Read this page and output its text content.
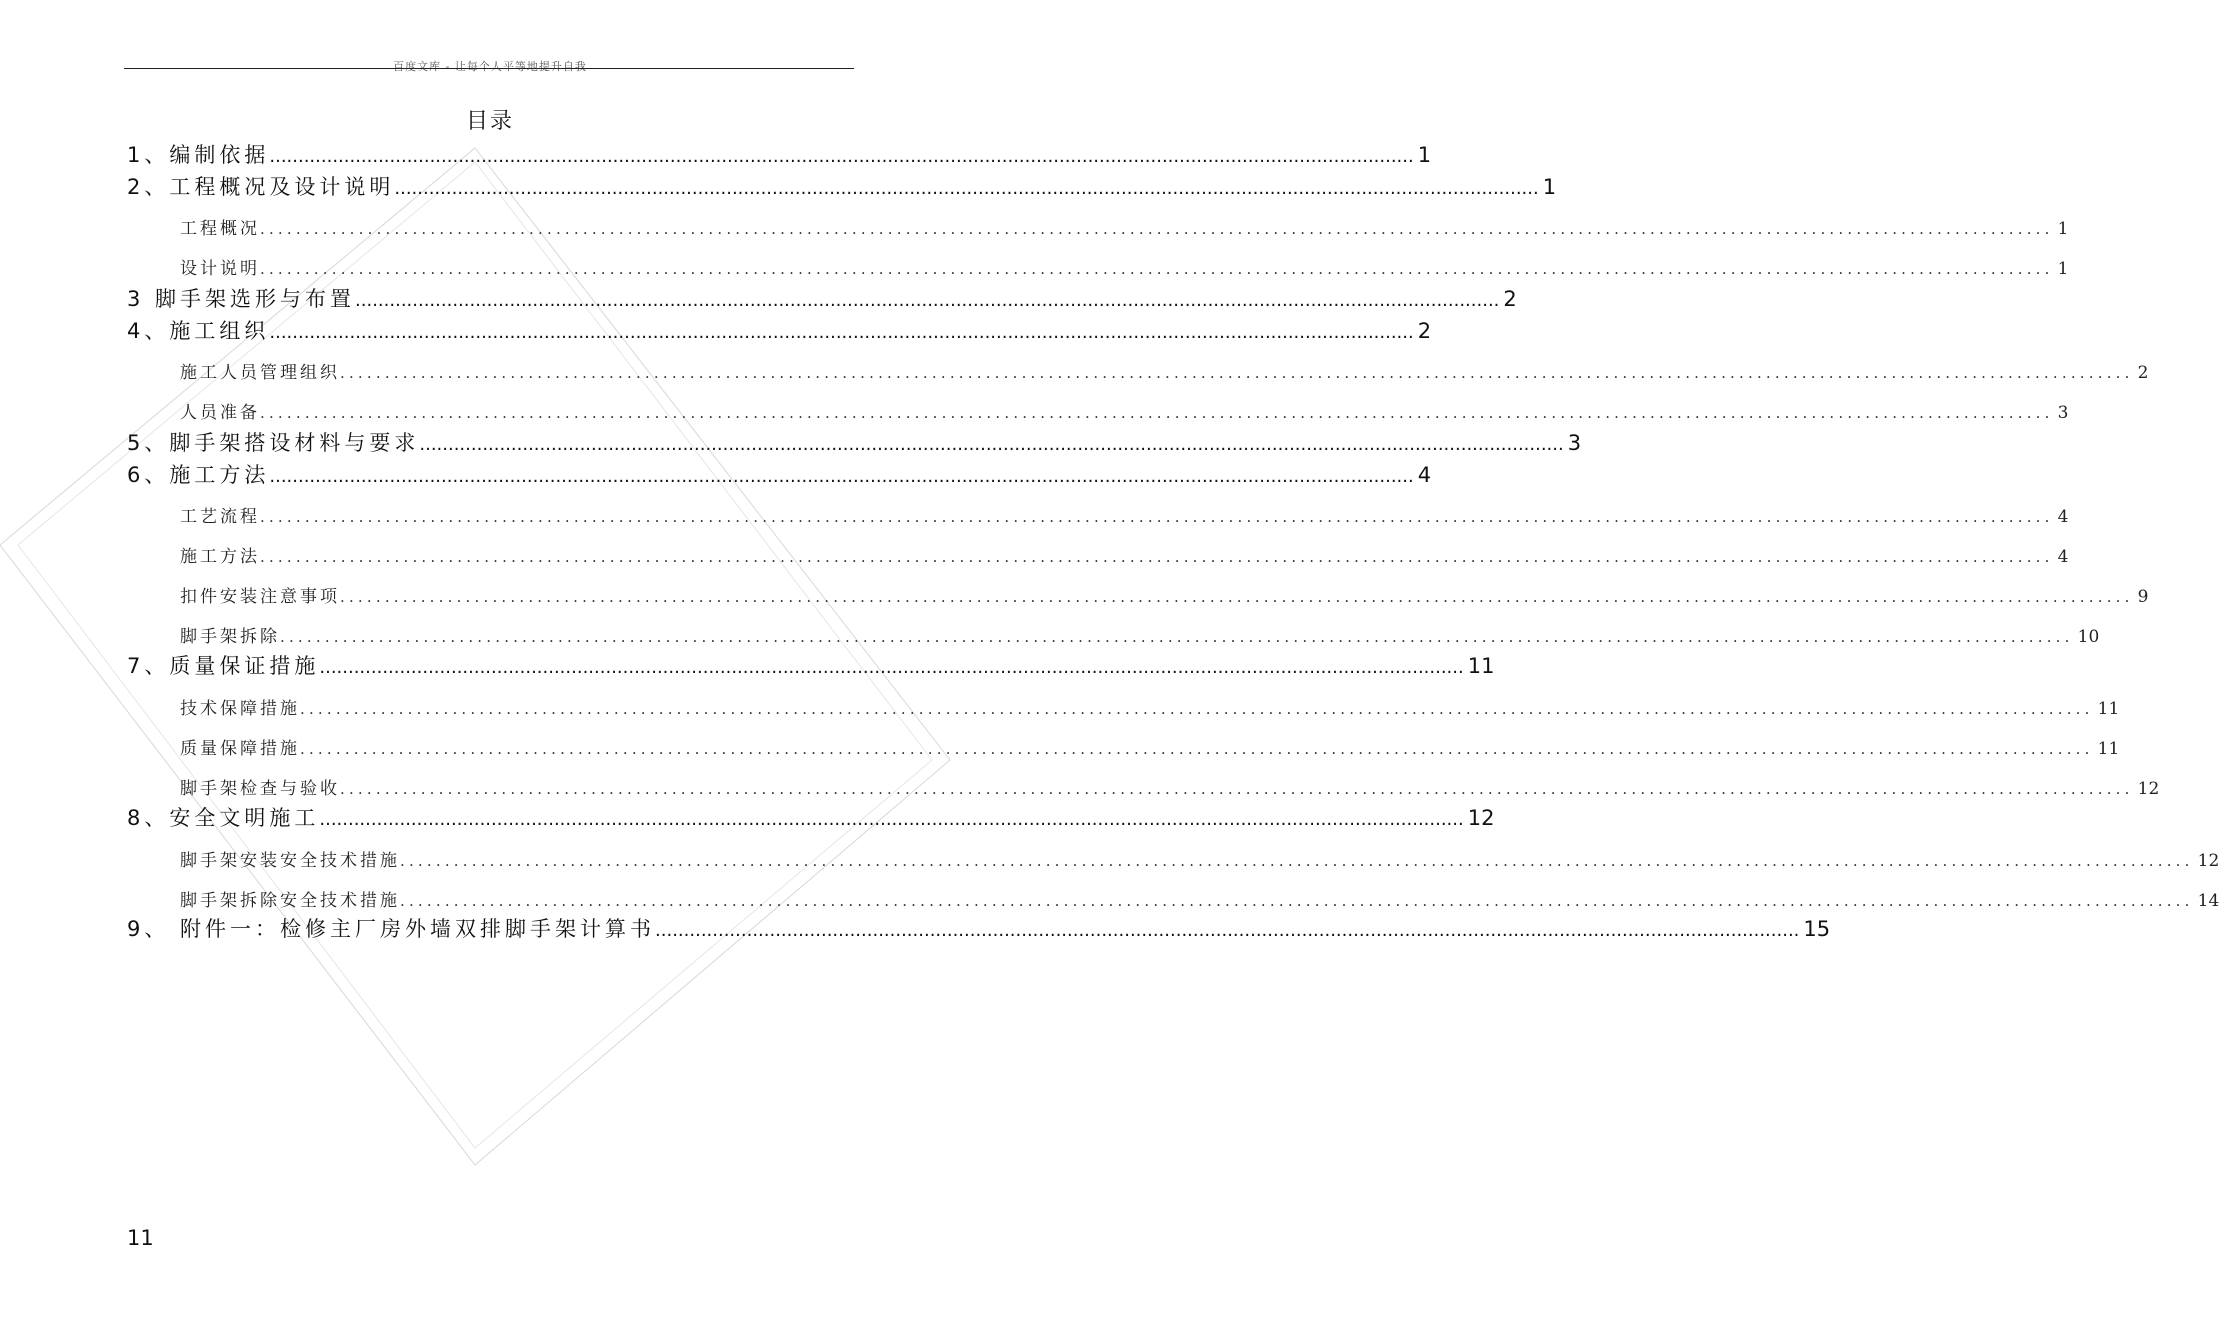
百度文库 - 让每个人平等地提升自我
目录
1、编制依据 ........................................................................................................................................................................................................ 1
2、工程概况及设计说明 ........................................................................................................................................................................................................ 1
工程概况 ........................................................................................................................................................................................................ 1
设计说明 ........................................................................................................................................................................................................ 1
3 脚手架选形与布置 ........................................................................................................................................................................................................ 2
4、施工组织 ........................................................................................................................................................................................................ 2
施工人员管理组织 ........................................................................................................................................................................................................ 2
人员准备 ........................................................................................................................................................................................................ 3
5、脚手架搭设材料与要求 ........................................................................................................................................................................................................ 3
6、施工方法 ........................................................................................................................................................................................................ 4
工艺流程 ........................................................................................................................................................................................................ 4
施工方法 ........................................................................................................................................................................................................ 4
扣件安装注意事项 ........................................................................................................................................................................................................ 9
脚手架拆除 ........................................................................................................................................................................................................ 10
7、质量保证措施 ........................................................................................................................................................................................................ 11
技术保障措施 ........................................................................................................................................................................................................ 11
质量保障措施 ........................................................................................................................................................................................................ 11
脚手架检查与验收 ........................................................................................................................................................................................................ 12
8、安全文明施工 ........................................................................................................................................................................................................ 12
脚手架安装安全技术措施 ........................................................................................................................................................................................................ 12
脚手架拆除安全技术措施 ........................................................................................................................................................................................................ 14
9、 附件一：检修主厂房外墙双排脚手架计算书 ........................................................................................................................................................................................................ 15
11
